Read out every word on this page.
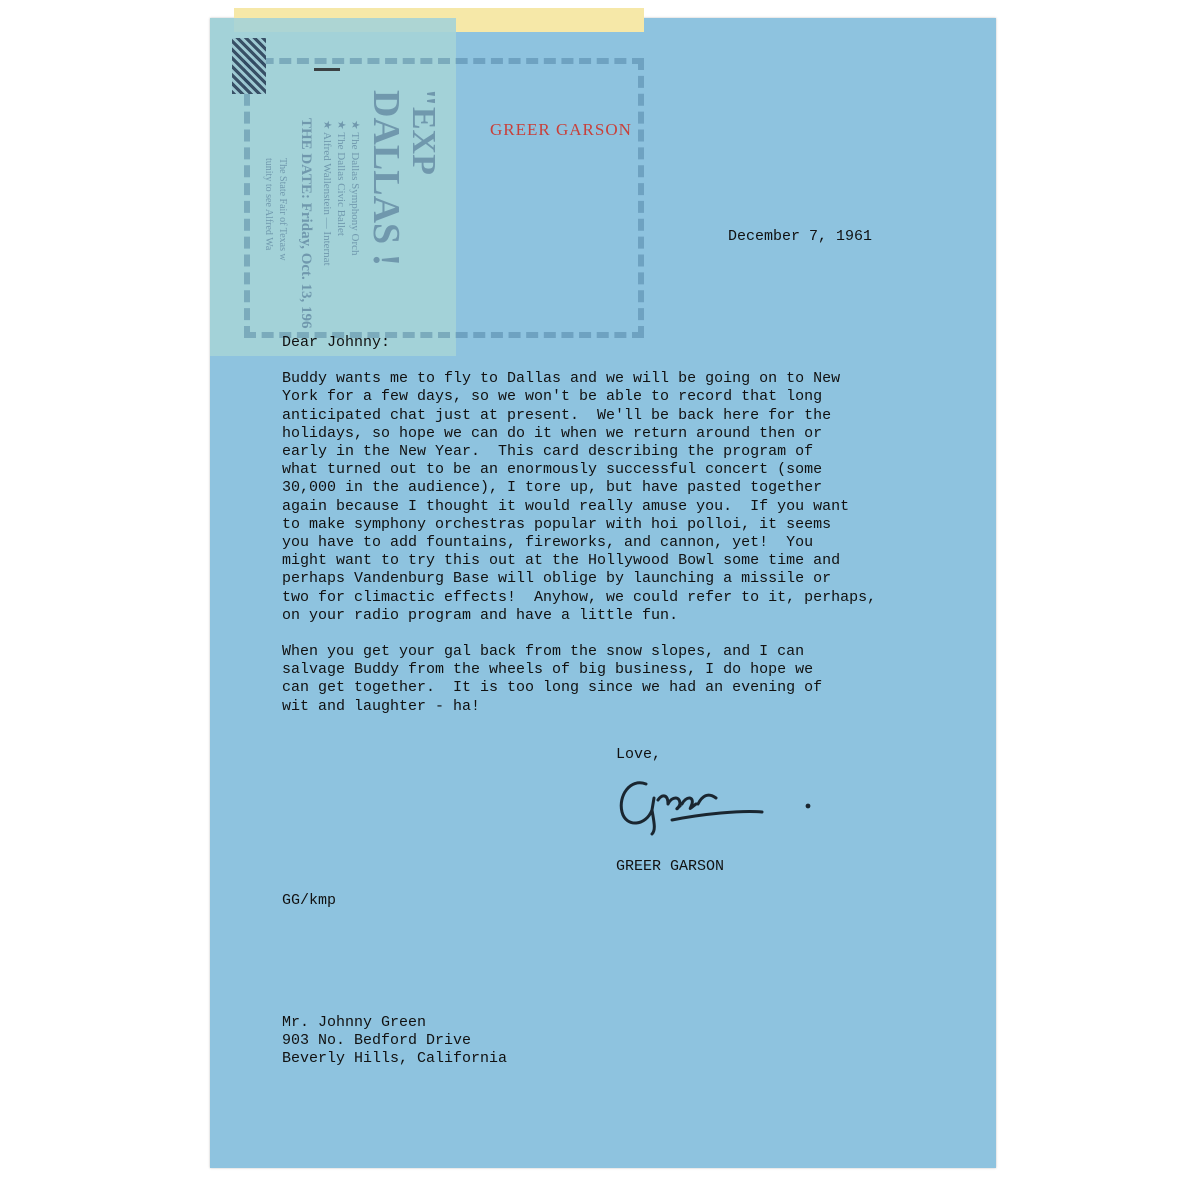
"EXP
DALLAS !
★ The Dallas Symphony Orch
★ The Dallas Civic Ballet
★ Alfred Wallenstein — Internat
THE DATE: Friday, Oct. 13, 196
The State Fair of Texas w
tunity to see Alfred Wa
GREER GARSON
December 7, 1961
Dear Johnny:
Buddy wants me to fly to Dallas and we will be going on to New
York for a few days, so we won't be able to record that long
anticipated chat just at present.  We'll be back here for the
holidays, so hope we can do it when we return around then or
early in the New Year.  This card describing the program of
what turned out to be an enormously successful concert (some
30,000 in the audience), I tore up, but have pasted together
again because I thought it would really amuse you.  If you want
to make symphony orchestras popular with hoi polloi, it seems
you have to add fountains, fireworks, and cannon, yet!  You
might want to try this out at the Hollywood Bowl some time and
perhaps Vandenburg Base will oblige by launching a missile or
two for climactic effects!  Anyhow, we could refer to it, perhaps,
on your radio program and have a little fun.
When you get your gal back from the snow slopes, and I can
salvage Buddy from the wheels of big business, I do hope we
can get together.  It is too long since we had an evening of
wit and laughter - ha!
Love,
GREER GARSON
GG/kmp
Mr. Johnny Green
903 No. Bedford Drive
Beverly Hills, California
